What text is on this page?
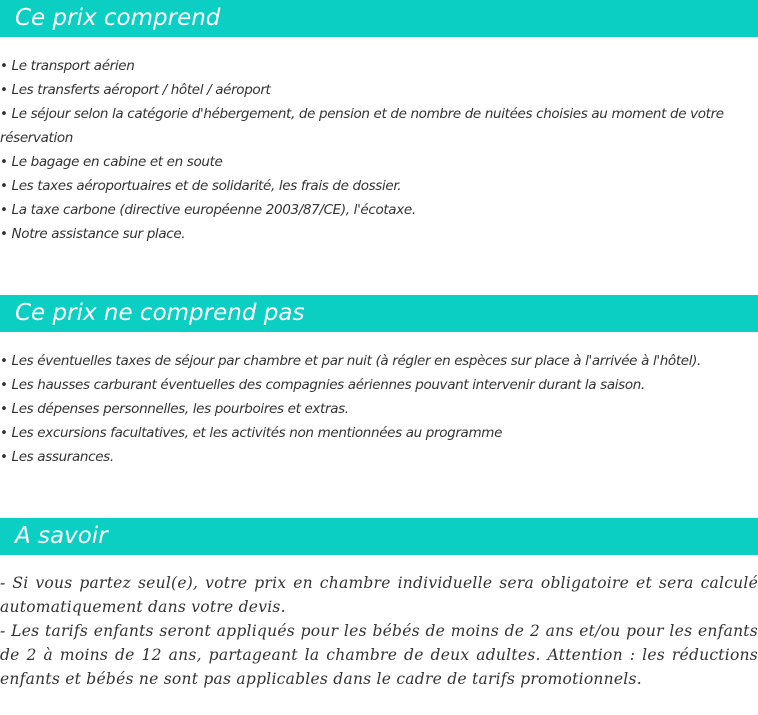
Ce prix comprend
• Le transport aérien
• Les transferts aéroport / hôtel / aéroport
• Le séjour selon la catégorie d'hébergement, de pension et de nombre de nuitées choisies au moment de votre réservation
• Le bagage en cabine et en soute
• Les taxes aéroportuaires et de solidarité, les frais de dossier.
• La taxe carbone (directive européenne 2003/87/CE), l'écotaxe.
• Notre assistance sur place.
Ce prix ne comprend pas
• Les éventuelles taxes de séjour par chambre et par nuit (à régler en espèces sur place à l'arrivée à l'hôtel).
• Les hausses carburant éventuelles des compagnies aériennes pouvant intervenir durant la saison.
• Les dépenses personnelles, les pourboires et extras.
• Les excursions facultatives, et les activités non mentionnées au programme
• Les assurances.
A savoir

- Si vous partez seul(e), votre prix en chambre individuelle sera obligatoire et sera calculé automatiquement dans votre devis.

- Les tarifs enfants seront appliqués pour les bébés de moins de 2 ans et/ou pour les enfants de 2 à moins de 12 ans, partageant la chambre de deux adultes. Attention : les réductions enfants et bébés ne sont pas applicables dans le cadre de tarifs promotionnels.
